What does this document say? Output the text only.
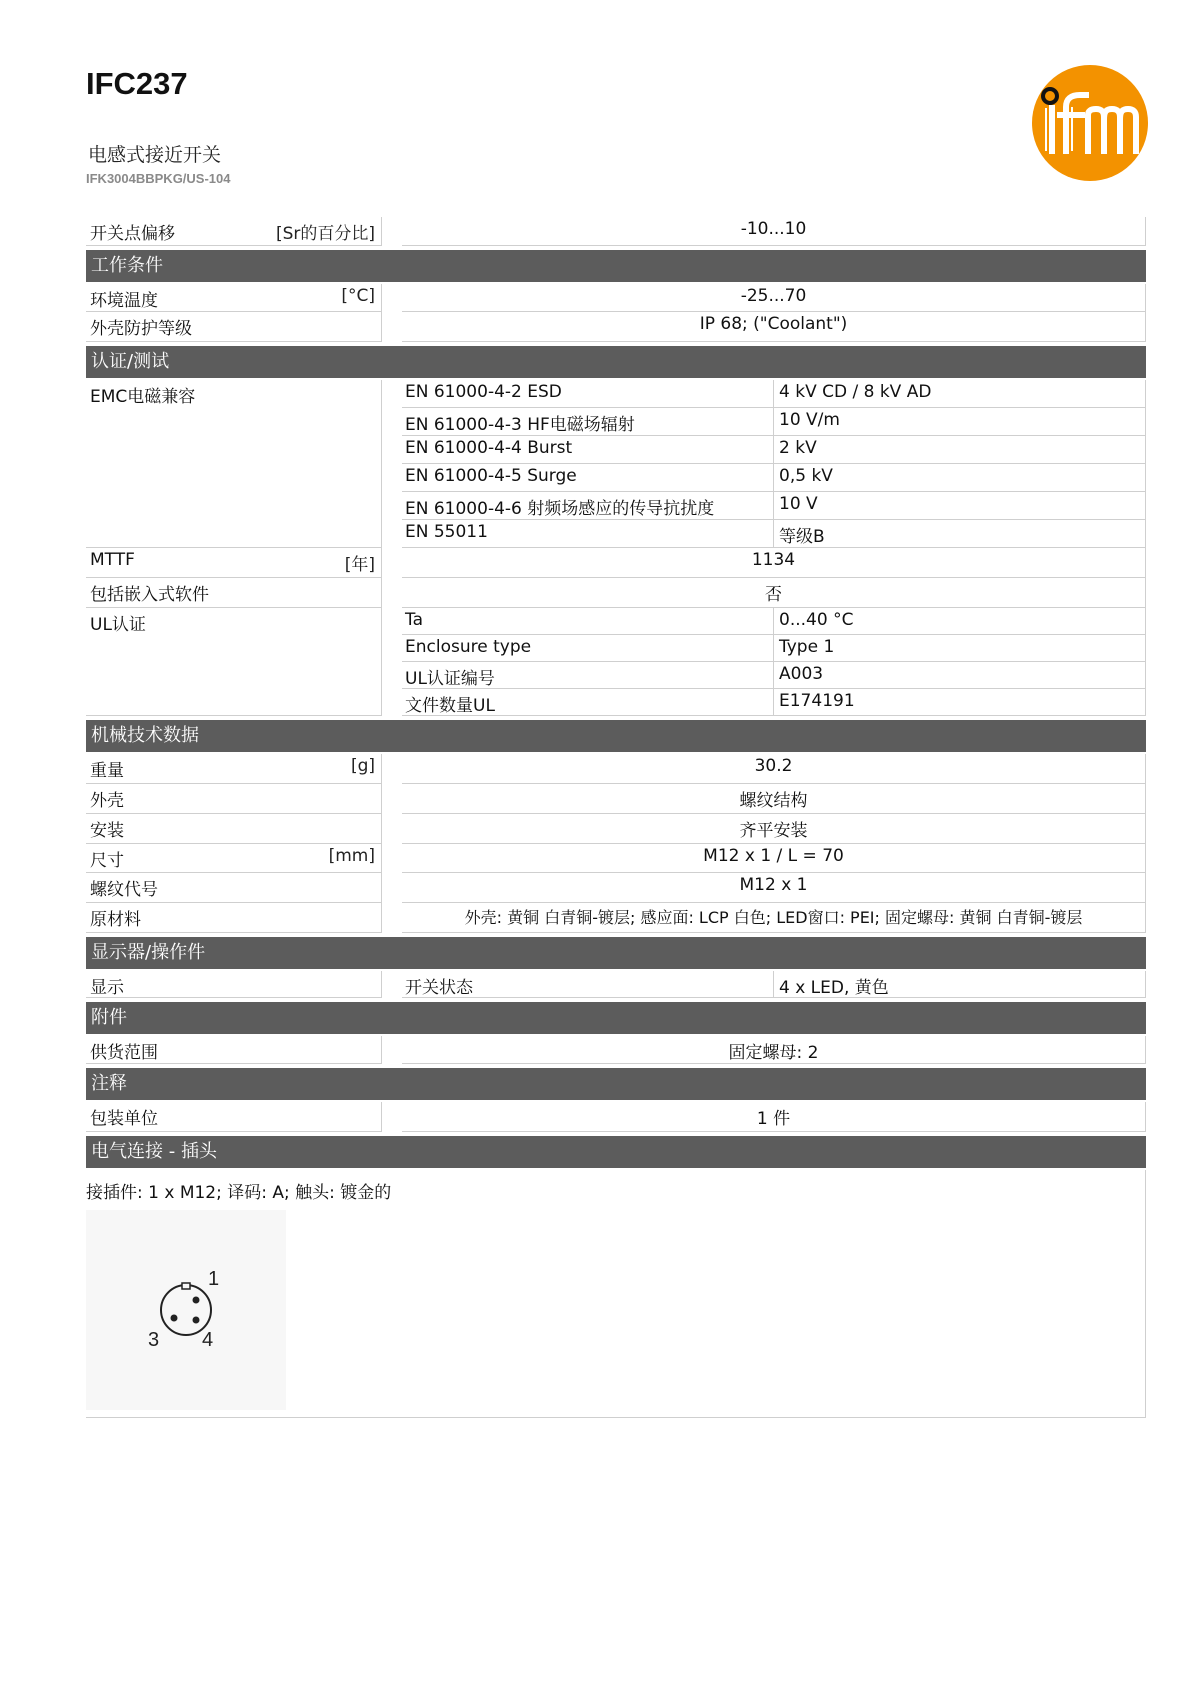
IFC237
电感式接近开关
IFK3004BBPKG/US-104
开关点偏移	[Sr的百分比]	-10...10
工作条件
环境温度	[°C]	-25...70
外壳防护等级	IP 68; ("Coolant")
认证/测试
EMC电磁兼容	EN 61000-4-2 ESD	4 kV CD / 8 kV AD
EN 61000-4-3 HF电磁场辐射	10 V/m
EN 61000-4-4 Burst	2 kV
EN 61000-4-5 Surge	0,5 kV
EN 61000-4-6 射频场感应的传导抗扰度	10 V
EN 55011	等级B
MTTF	[年]	1134
包括嵌入式软件	否
UL认证	Ta	0...40 °C
Enclosure type	Type 1
UL认证编号	A003
文件数量UL	E174191
机械技术数据
重量	[g]	30.2
外壳	螺纹结构
安装	齐平安装
尺寸	[mm]	M12 x 1 / L = 70
螺纹代号	M12 x 1
原材料	外壳: 黄铜 白青铜-镀层; 感应面: LCP 白色; LED窗口: PEI; 固定螺母: 黄铜 白青铜-镀层
显示器/操作件
显示	开关状态	4 x LED, 黄色
附件
供货范围	固定螺母: 2
注释
包装单位	1 件
电气连接 - 插头
接插件: 1 x M12; 译码: A; 触头: 镀金的
1
3 4
